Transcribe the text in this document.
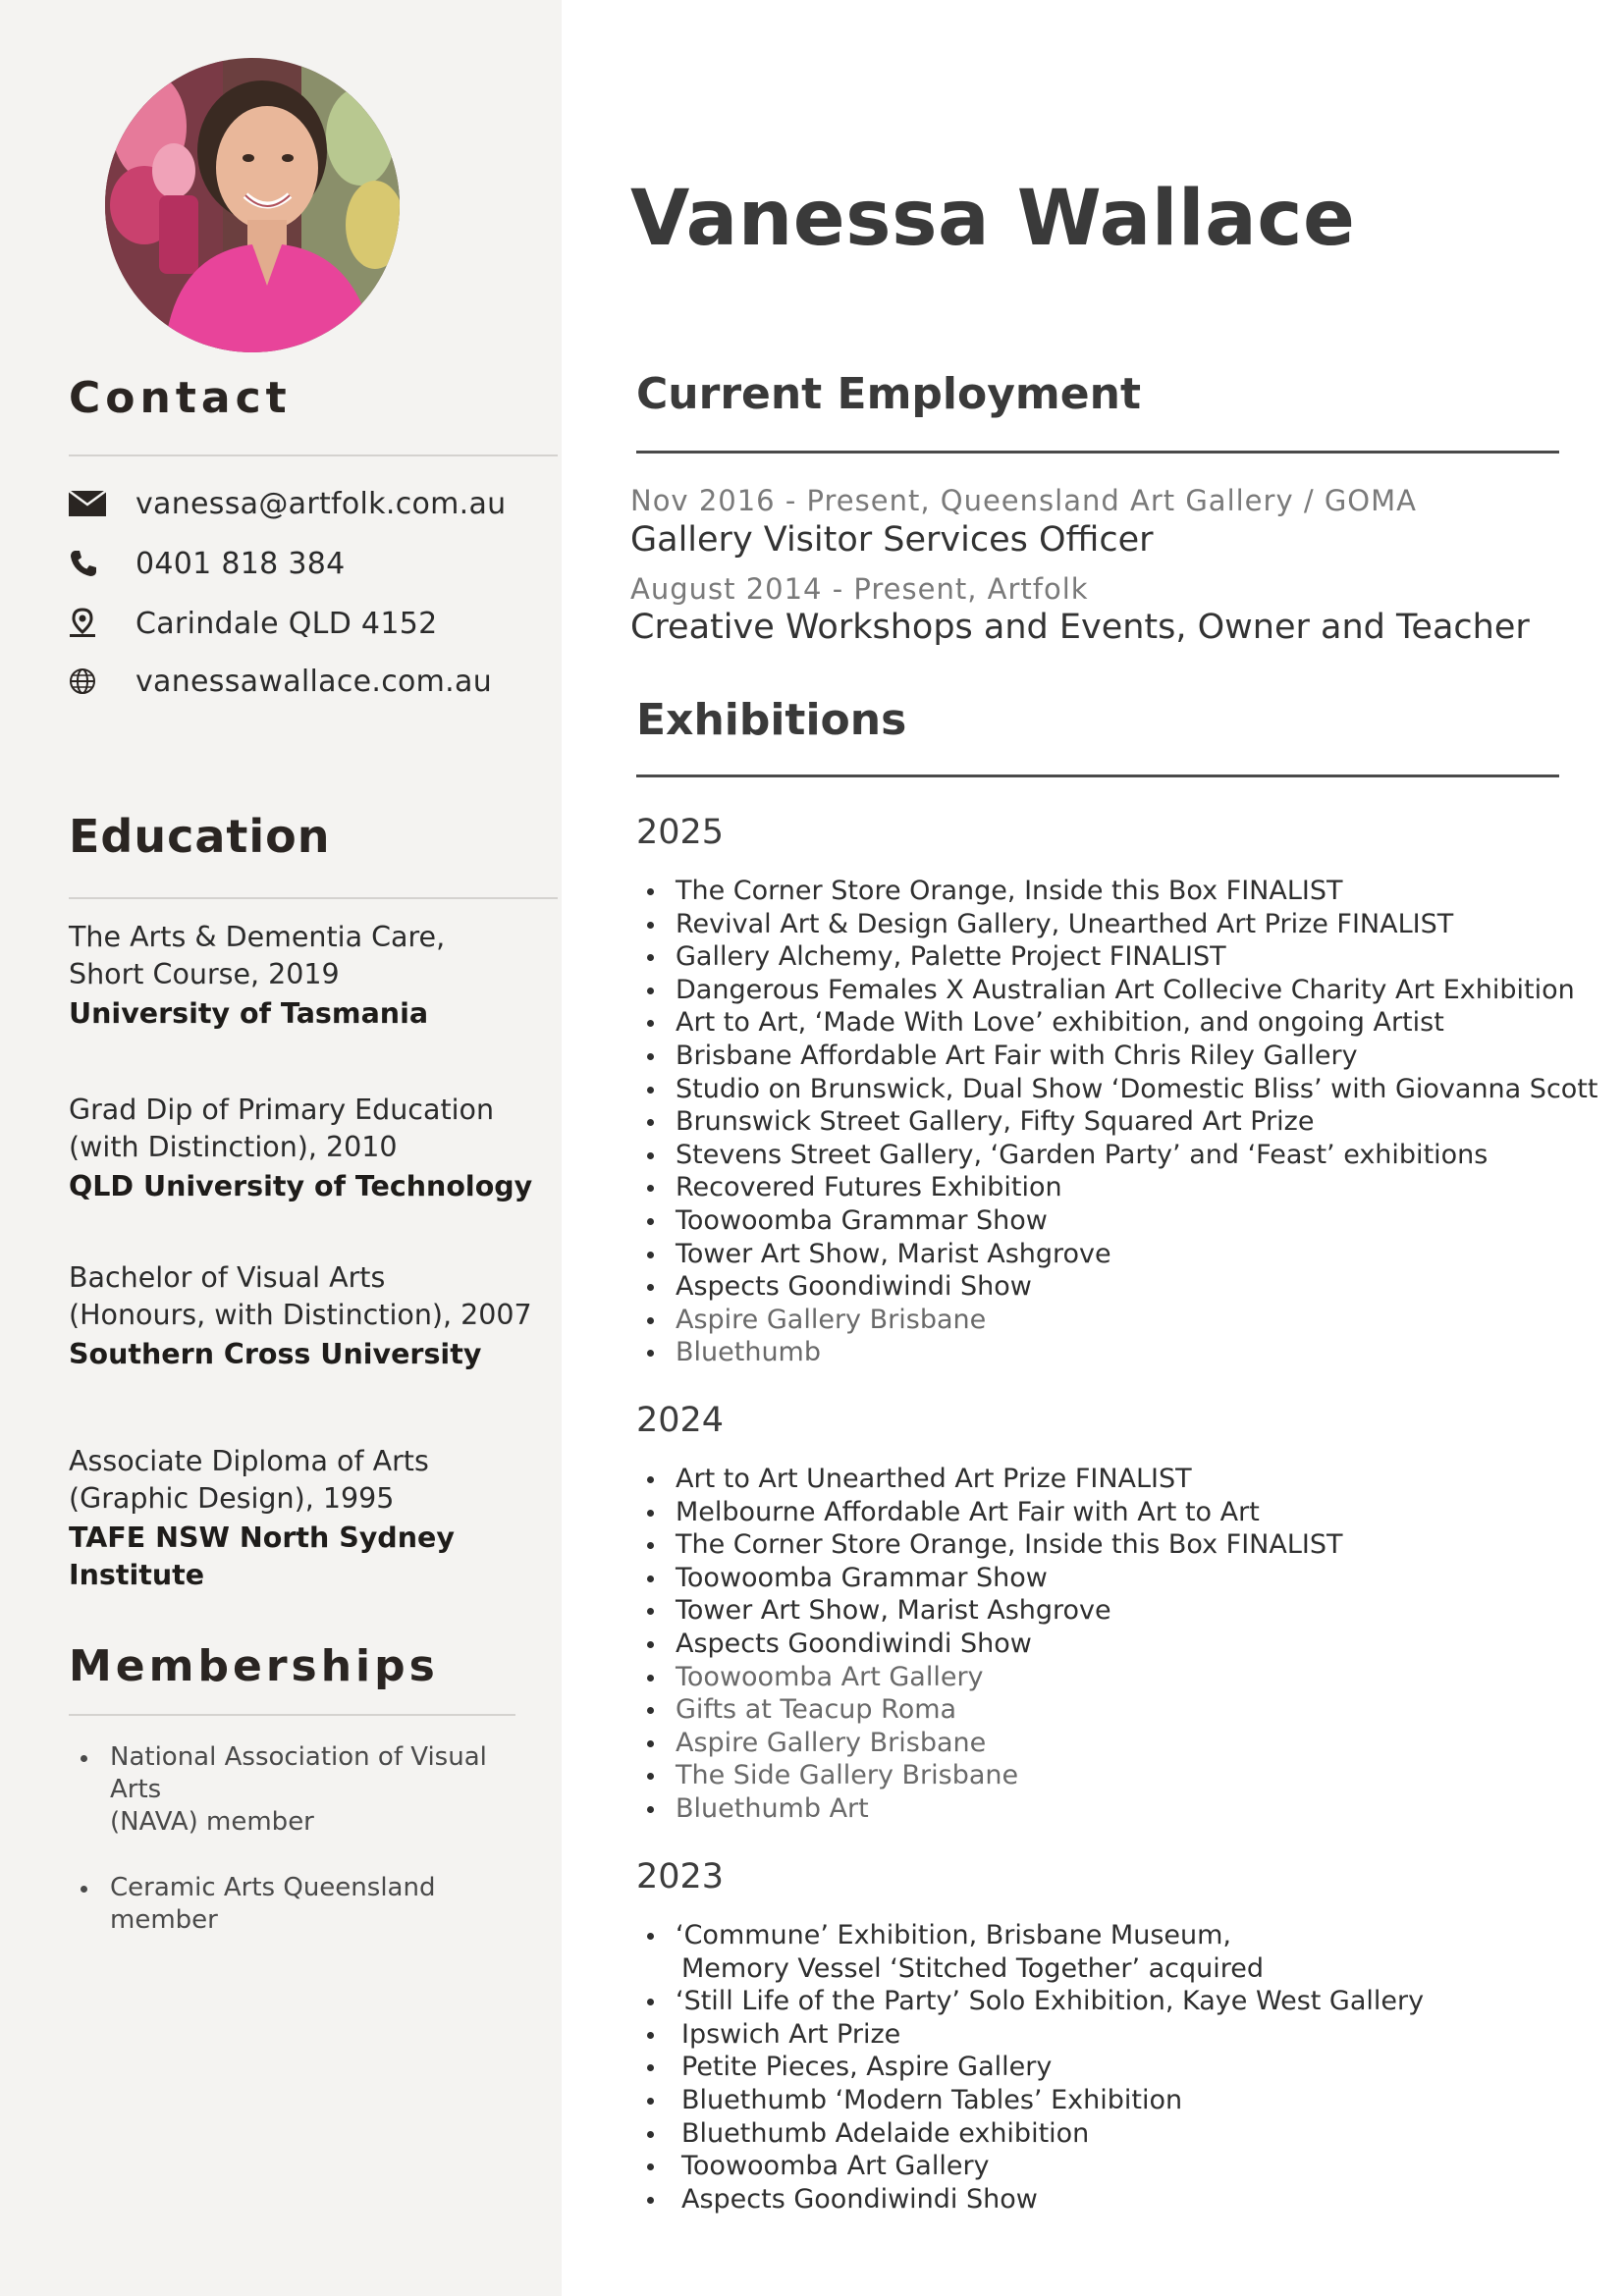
Contact
vanessa@artfolk.com.au
0401 818 384
Carindale QLD 4152
vanessawallace.com.au
Education
The Arts & Dementia Care,
Short Course, 2019
University of Tasmania
Grad Dip of Primary Education
(with Distinction), 2010
QLD University of Technology
Bachelor of Visual Arts
(Honours, with Distinction), 2007
Southern Cross University
Associate Diploma of Arts
(Graphic Design), 1995
TAFE NSW North Sydney Institute
Memberships
National Association of Visual Arts
(NAVA) member
Ceramic Arts Queensland
member
Vanessa Wallace
Current Employment
Nov 2016 - Present, Queensland Art Gallery / GOMA
Gallery Visitor Services Officer
August 2014 - Present, Artfolk
Creative Workshops and Events, Owner and Teacher
Exhibitions
2025
The Corner Store Orange, Inside this Box FINALIST
Revival Art & Design Gallery, Unearthed Art Prize FINALIST
Gallery Alchemy, Palette Project FINALIST
Dangerous Females X Australian Art Collecive Charity Art Exhibition
Art to Art, ‘Made With Love’ exhibition, and ongoing Artist
Brisbane Affordable Art Fair with Chris Riley Gallery
Studio on Brunswick, Dual Show ‘Domestic Bliss’ with Giovanna Scott
Brunswick Street Gallery, Fifty Squared Art Prize
Stevens Street Gallery, ‘Garden Party’ and ‘Feast’ exhibitions
Recovered Futures Exhibition
Toowoomba Grammar Show
Tower Art Show, Marist Ashgrove
Aspects Goondiwindi Show
Aspire Gallery Brisbane
Bluethumb
2024
Art to Art Unearthed Art Prize FINALIST
Melbourne Affordable Art Fair with Art to Art
The Corner Store Orange, Inside this Box FINALIST
Toowoomba Grammar Show
Tower Art Show, Marist Ashgrove
Aspects Goondiwindi Show
Toowoomba Art Gallery
Gifts at Teacup Roma
Aspire Gallery Brisbane
The Side Gallery Brisbane
Bluethumb Art
2023
‘Commune’ Exhibition, Brisbane Museum,
Memory Vessel ‘Stitched Together’ acquired
‘Still Life of the Party’ Solo Exhibition, Kaye West Gallery
Ipswich Art Prize
Petite Pieces, Aspire Gallery
Bluethumb ‘Modern Tables’ Exhibition
Bluethumb Adelaide exhibition
Toowoomba Art Gallery
Aspects Goondiwindi Show
